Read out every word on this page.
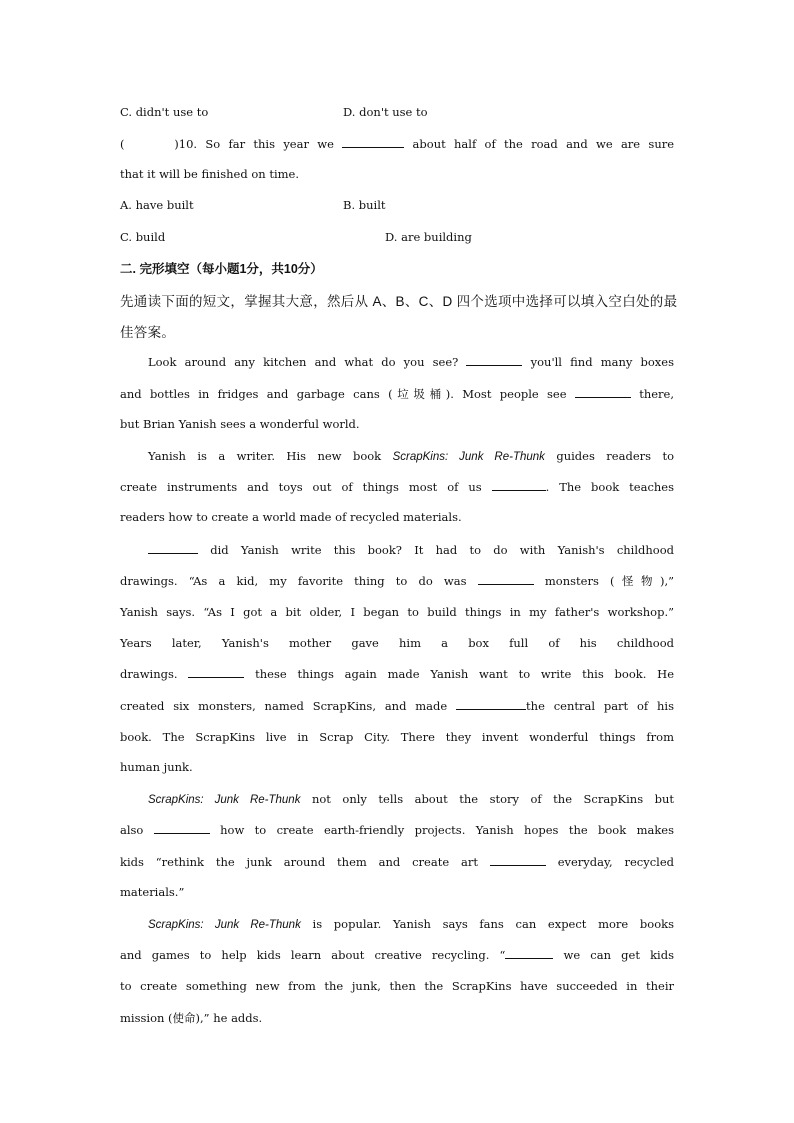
C. didn't use to	D. don't use to
(      )10. So far this year we	about half of the road and we are sure
that it will be finished on time.
A. have built	B. built
C. build	D. are building
二. 完形填空（每小题1分，共10分）
先通读下面的短文，掌握其大意，然后从 A、B、C、D 四个选项中选择可以填入空白处的最
佳答案。
Look around any kitchen and what do you see?	you'll find many boxes
and bottles in fridges and garbage cans (垃圾桶). Most people see	there,
but Brian Yanish sees a wonderful world.
Yanish is a writer. His new book ScrapKins: Junk Re-Thunk guides readers to
create instruments and toys out of things most of us	. The book teaches
readers how to create a world made of recycled materials.
did Yanish write this book? It had to do with Yanish's childhood
drawings. “As a kid, my favorite thing to do was	monsters (怪物),”
Yanish says. “As I got a bit older, I began to build things in my father's workshop.”
Years later, Yanish's mother gave him a box full of his childhood
drawings.	these things again made Yanish want to write this book. He
created six monsters, named ScrapKins, and made	the central part of his
book. The ScrapKins live in Scrap City. There they invent wonderful things from
human junk.
ScrapKins: Junk Re-Thunk not only tells about the story of the ScrapKins but
also	how to create earth-friendly projects. Yanish hopes the book makes
kids “rethink the junk around them and create art	everyday, recycled
materials.”
ScrapKins: Junk Re-Thunk is popular. Yanish says fans can expect more books
and games to help kids learn about creative recycling. “	we can get kids
to create something new from the junk, then the ScrapKins have succeeded in their
mission (使命),” he adds.
